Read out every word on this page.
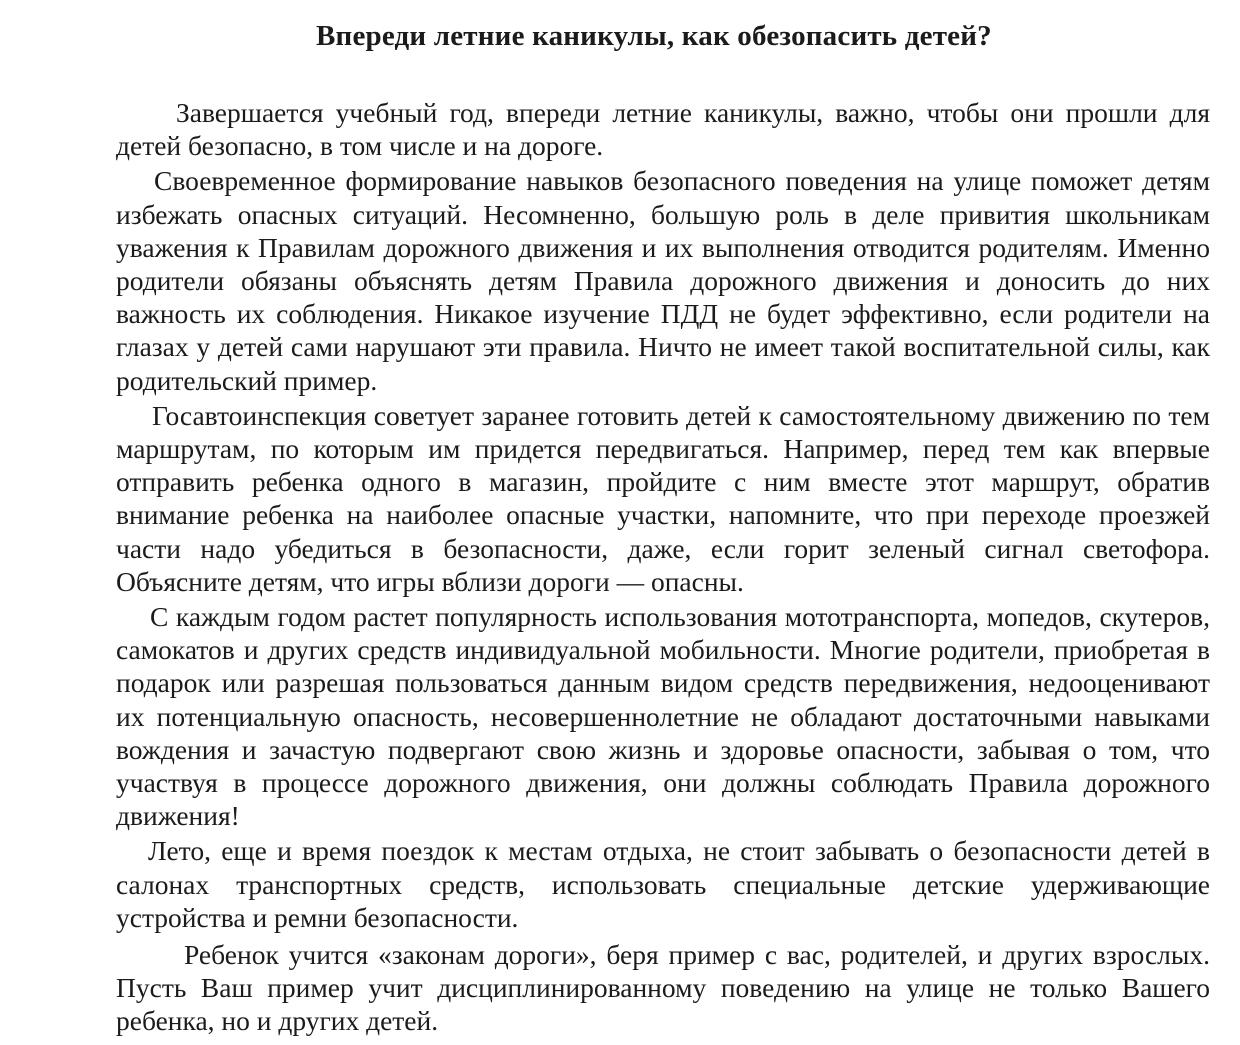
Впереди летние каникулы, как обезопасить детей?

Завершается учебный год, впереди летние каникулы, важно, чтобы они прошли для детей безопасно, в том числе и на дороге.

Своевременное формирование навыков безопасного поведения на улице поможет детям избежать опасных ситуаций. Несомненно, большую роль в деле привития школьникам уважения к Правилам дорожного движения и их выполнения отводится родителям. Именно родители обязаны объяснять детям Правила дорожного движения и доносить до них важность их соблюдения. Никакое изучение ПДД не будет эффективно, если родители на глазах у детей сами нарушают эти правила. Ничто не имеет такой воспитательной силы, как родительский пример.

Госавтоинспекция советует заранее готовить детей к самостоятельному движению по тем маршрутам, по которым им придется передвигаться. Например, перед тем как впервые отправить ребенка одного в магазин, пройдите с ним вместе этот маршрут, обратив внимание ребенка на наиболее опасные участки, напомните, что при переходе проезжей части надо убедиться в безопасности, даже, если горит зеленый сигнал светофора. Объясните детям, что игры вблизи дороги — опасны.

С каждым годом растет популярность использования мототранспорта, мопедов, скутеров, самокатов и других средств индивидуальной мобильности. Многие родители, приобретая в подарок или разрешая пользоваться данным видом средств передвижения, недооценивают их потенциальную опасность, несовершеннолетние не обладают достаточными навыками вождения и зачастую подвергают свою жизнь и здоровье опасности, забывая о том, что участвуя в процессе дорожного движения, они должны соблюдать Правила дорожного движения!

Лето, еще и время поездок к местам отдыха, не стоит забывать о безопасности детей в салонах транспортных средств, использовать специальные детские удерживающие устройства и ремни безопасности.

Ребенок учится «законам дороги», беря пример с вас, родителей, и других взрослых. Пусть Ваш пример учит дисциплинированному поведению на улице не только Вашего ребенка, но и других детей.
